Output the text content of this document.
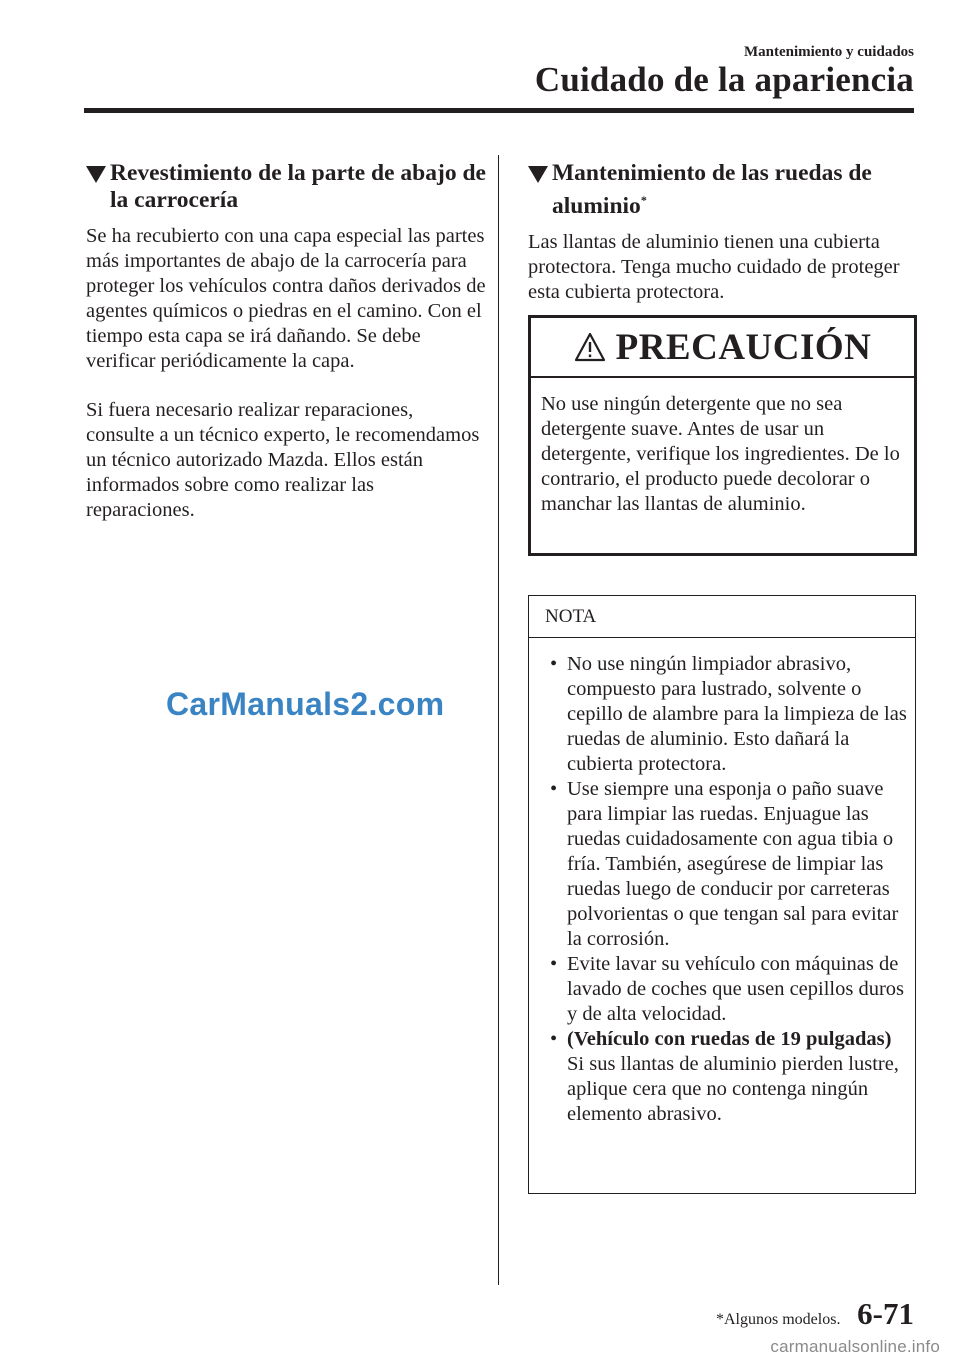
Mantenimiento y cuidados
Cuidado de la apariencia
Revestimiento de la parte de abajo de la carrocería

Se ha recubierto con una capa especial las partes más importantes de abajo de la carrocería para proteger los vehículos contra daños derivados de agentes químicos o piedras en el camino. Con el tiempo esta capa se irá dañando. Se debe verificar periódicamente la capa.

Si fuera necesario realizar reparaciones, consulte a un técnico experto, le recomendamos un técnico autorizado Mazda. Ellos están informados sobre como realizar las reparaciones.

Mantenimiento de las ruedas de aluminio*

Las llantas de aluminio tienen una cubierta protectora. Tenga mucho cuidado de proteger esta cubierta protectora.

PRECAUCIÓN

No use ningún detergente que no sea detergente suave. Antes de usar un detergente, verifique los ingredientes. De lo contrario, el producto puede decolorar o manchar las llantas de aluminio.

NOTA
• No use ningún limpiador abrasivo, compuesto para lustrado, solvente o cepillo de alambre para la limpieza de las ruedas de aluminio. Esto dañará la cubierta protectora.
• Use siempre una esponja o paño suave para limpiar las ruedas. Enjuague las ruedas cuidadosamente con agua tibia o fría. También, asegúrese de limpiar las ruedas luego de conducir por carreteras polvorientas o que tengan sal para evitar la corrosión.
• Evite lavar su vehículo con máquinas de lavado de coches que usen cepillos duros y de alta velocidad.
• (Vehículo con ruedas de 19 pulgadas)
Si sus llantas de aluminio pierden lustre, aplique cera que no contenga ningún elemento abrasivo.
CarManuals2.com
*Algunos modelos. 6-71
carmanualsonline.info
